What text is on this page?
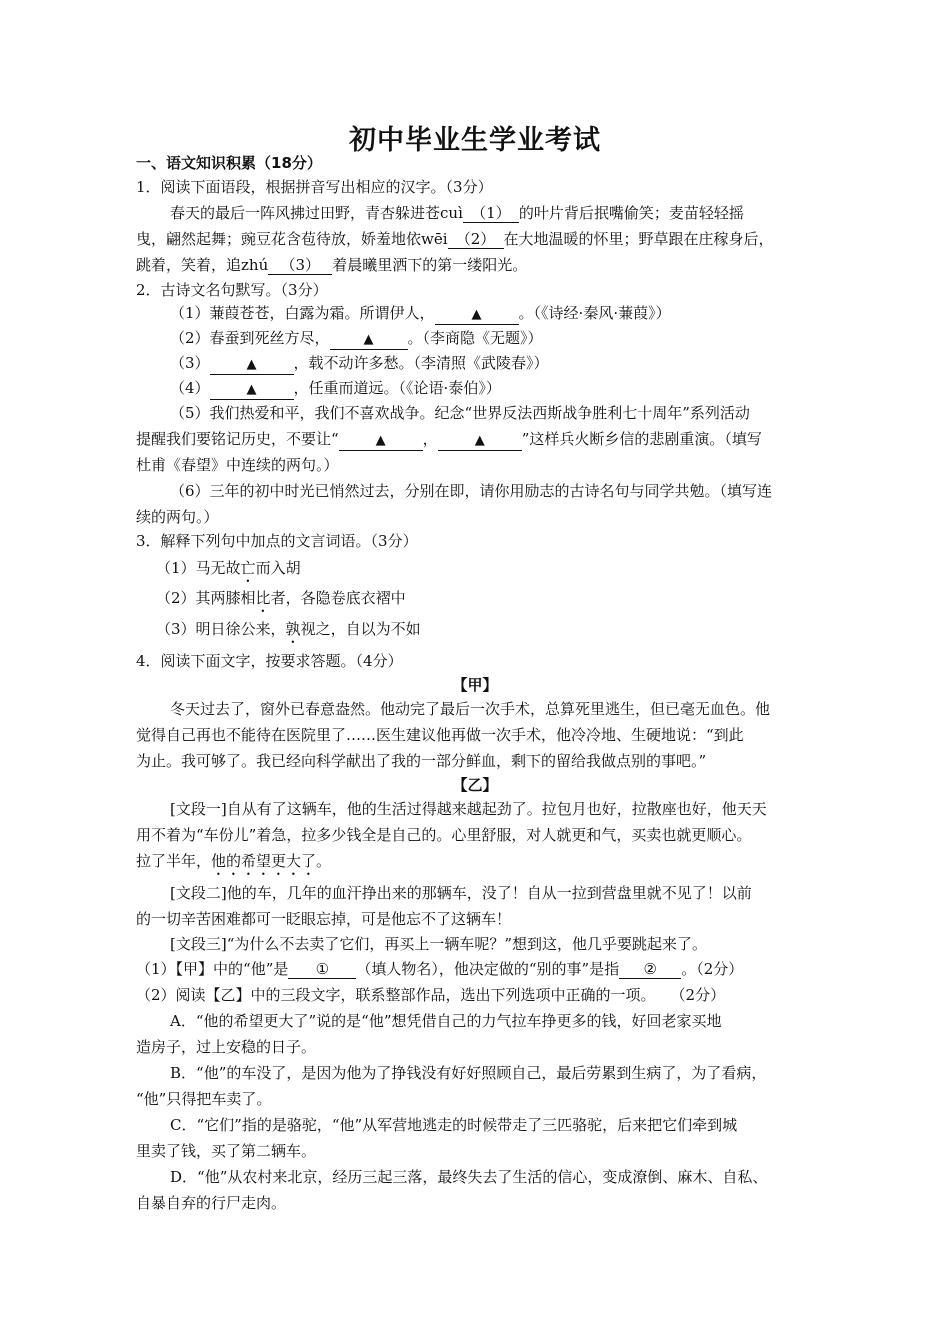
初中毕业生学业考试
一、语文知识积累（18分）
1．阅读下面语段，根据拼音写出相应的汉字。（3分）
春天的最后一阵风拂过田野，青杏躲进苍cuì （1） 的叶片背后抿嘴偷笑；麦苗轻轻摇
曳，翩然起舞；豌豆花含苞待放，娇羞地依wēi （2） 在大地温暖的怀里；野草跟在庄稼身后，
跳着，笑着，追zhú （3） 着晨曦里洒下的第一缕阳光。
2．古诗文名句默写。（3分）
（1）蒹葭苍苍，白露为霜。所谓伊人，	▲ 。（《诗经·秦风·蒹葭》）
（2）春蚕到死丝方尽，	▲ 。（李商隐《无题》）
（3）	▲ ，载不动许多愁。（李清照《武陵春》）
（4）	▲ ，任重而道远。（《论语·泰伯》）
（5）我们热爱和平，我们不喜欢战争。纪念“世界反法西斯战争胜利七十周年”系列活动
提醒我们要铭记历史，不要让“	▲ ，	▲ ”这样兵火断乡信的悲剧重演。（填写
杜甫《春望》中连续的两句。）
（6）三年的初中时光已悄然过去，分别在即，请你用励志的古诗名句与同学共勉。（填写连
续的两句。）
3．解释下列句中加点的文言词语。（3分）
（1）马无故亡而入胡
（2）其两膝相比者，各隐卷底衣褶中
（3）明日徐公来，孰视之，自以为不如
4．阅读下面文字，按要求答题。（4分）
【甲】
冬天过去了，窗外已春意盎然。他动完了最后一次手术，总算死里逃生，但已毫无血色。他
觉得自己再也不能待在医院里了……医生建议他再做一次手术，他冷冷地、生硬地说：“到此
为止。我可够了。我已经向科学献出了我的一部分鲜血，剩下的留给我做点别的事吧。”
【乙】
[文段一]自从有了这辆车，他的生活过得越来越起劲了。拉包月也好，拉散座也好，他天天
用不着为“车份儿”着急，拉多少钱全是自己的。心里舒服，对人就更和气，买卖也就更顺心。
拉了半年，他的希望更大了。
[文段二]他的车，几年的血汗挣出来的那辆车，没了！自从一拉到营盘里就不见了！以前
的一切辛苦困难都可一眨眼忘掉，可是他忘不了这辆车！
[文段三]“为什么不去卖了它们，再买上一辆车呢？”想到这，他几乎要跳起来了。
（1）【甲】中的“他”是 ① （填人物名），他决定做的“别的事”是指 ② 。（2分）
（2）阅读【乙】中的三段文字，联系整部作品，选出下列选项中正确的一项。　　（2分）
A．“他的希望更大了”说的是“他”想凭借自己的力气拉车挣更多的钱，好回老家买地
造房子，过上安稳的日子。
B．“他”的车没了，是因为他为了挣钱没有好好照顾自己，最后劳累到生病了，为了看病，
“他”只得把车卖了。
C．“它们”指的是骆驼，“他”从军营地逃走的时候带走了三匹骆驼，后来把它们牵到城
里卖了钱，买了第二辆车。
D．“他”从农村来北京，经历三起三落，最终失去了生活的信心，变成潦倒、麻木、自私、
自暴自弃的行尸走肉。
